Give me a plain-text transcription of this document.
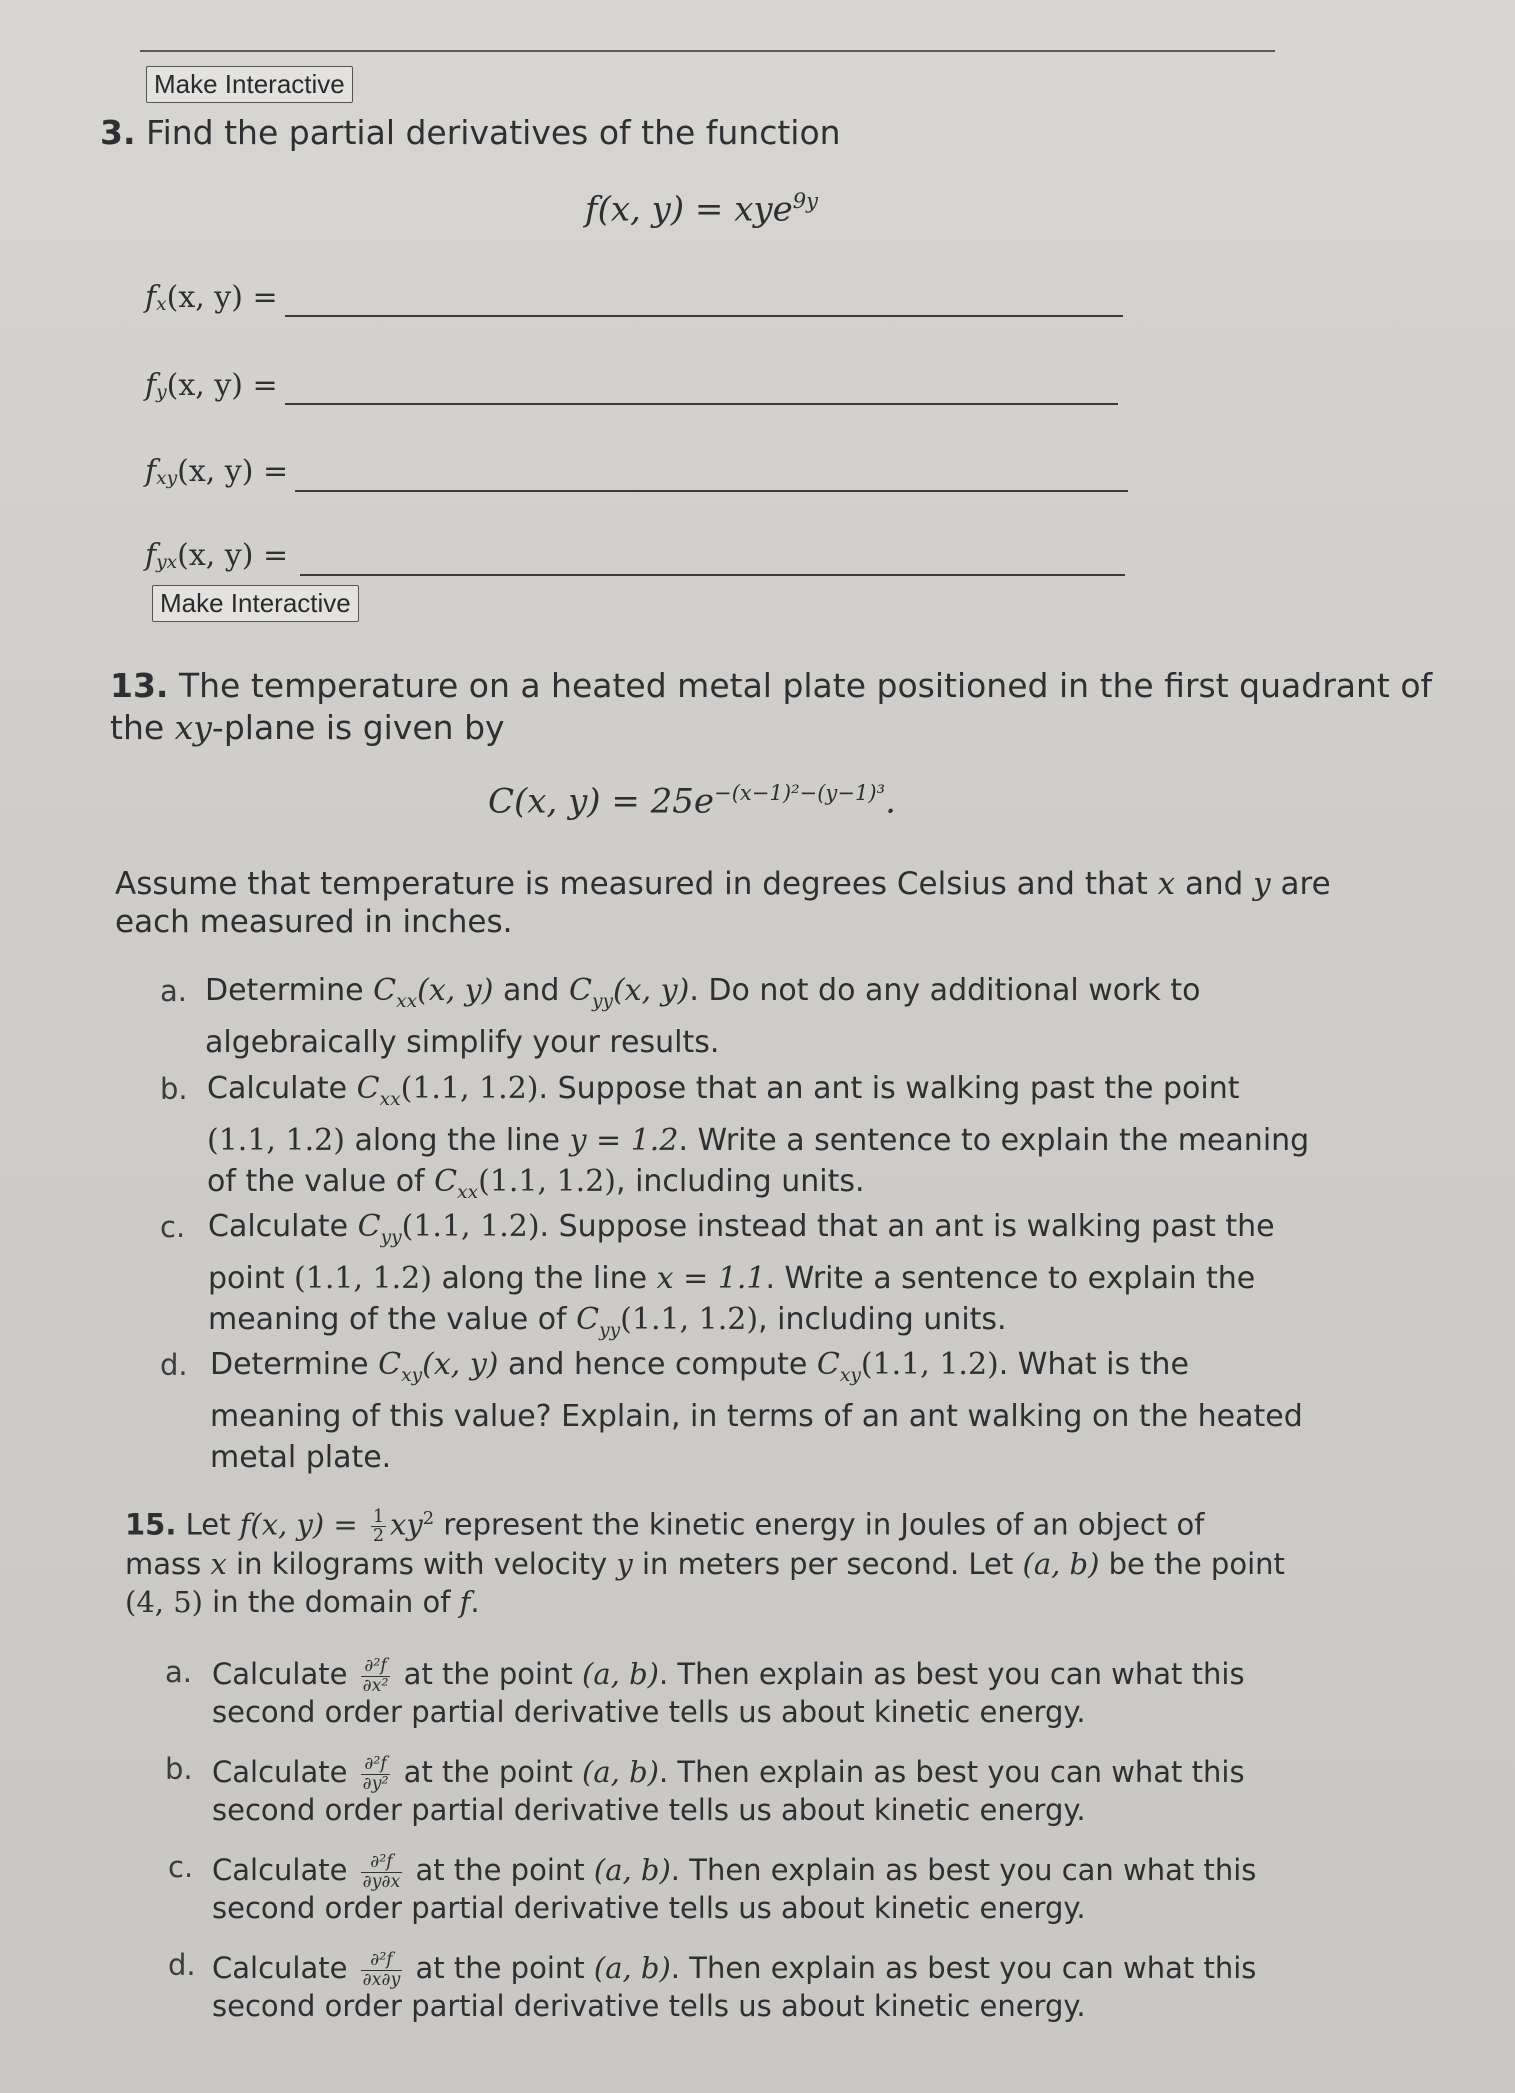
Make Interactive
3. Find the partial derivatives of the function
f(x, y) = xye$^{9y}$
$f_x$ (x, y) =
$f_y$ (x, y) =
$f_{xy}$ (x, y) =
$f_{yx}$ (x, y) =
Make Interactive
13. The temperature on a heated metal plate positioned in the first quadrant of
the xy-plane is given by
C(x, $y) = 25e^{-(x-1)^2-(y-1)^3}$.
Assume that temperature is measured in degrees Celsius and that x and y are
each measured in inches.
a. Determine $C_{xx}(x$, y) and $C_{yy}(x$, y). Do not do any additional work to
algebraically simplify your results.
b. Calculate $C_{xx}(1.1$, 1.2). Suppose that an ant is walking past the point
(1.1, 1.2) along the line y = 1.2. Write a sentence to explain the meaning
of the value of $C_{xx}(1.1$, 1.2), including units.
c. Calculate $C_{yy}(1.1$, 1.2). Suppose instead that an ant is walking past the
point (1.1, 1.2) along the line x = 1.1. Write a sentence to explain the
meaning of the value of $C_{yy}(1.1$, 1.2), including units.
d. Determine $C_{xy}(x$, y) and hence compute $C_{xy}(1.1$, 1.2). What is the
meaning of this value? Explain, in terms of an ant walking on the heated
metal plate.
15. Let f(x, $y) = \frac{1}{2} xy^2$ represent the kinetic energy in Joules of an object of
mass x in kilograms with velocity y in meters per second. Let (a, b) be the point
(4, 5) in the domain of f.
a. Calculate $\frac{\text{∂²f}}{\text{∂x²}}$ at the point (a, b). Then explain as best you can what this
second order partial derivative tells us about kinetic energy.
b. Calculate $\frac{\text{∂²f}}{\text{∂y²}}$ at the point (a, b). Then explain as best you can what this
second order partial derivative tells us about kinetic energy.
c. Calculate $\frac{\text{∂²f}}{\partial y\partial x}$ at the point (a, b). Then explain as best you can what this
second order partial derivative tells us about kinetic energy.
d. Calculate $\frac{\text{∂²f}}{\partial x\partial y}$ at the point (a, b). Then explain as best you can what this
second order partial derivative tells us about kinetic energy.
